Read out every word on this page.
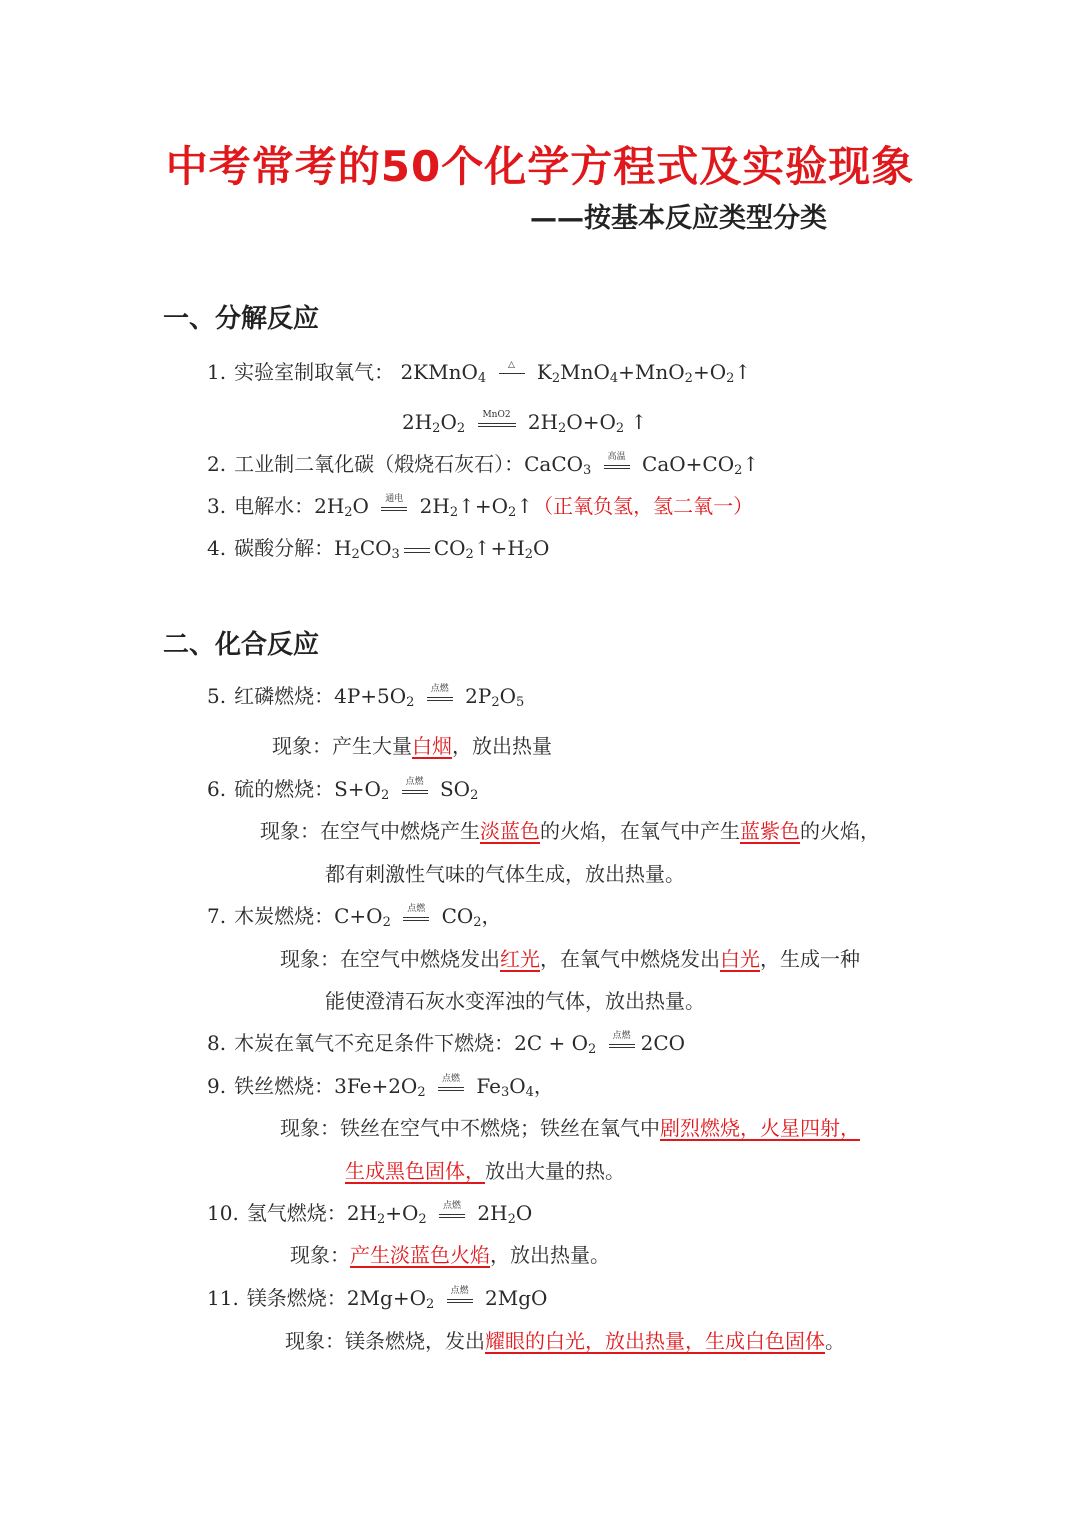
中考常考的50个化学方程式及实验现象
——按基本反应类型分类
一、分解反应
1. 实验室制取氧气： 2KMnO$_4$
△	$K_2MnO_4+MnO_2+O_2↑$
$2H_2O_2$
MnO2 $2H_2O+O_2$ ↑
2. 工业制二氧化碳（煅烧石灰石）：CaCO$_3$
高温 $CaO+CO_2↑$
3. 电解水：$2H_2O$	通电 $2H_2↑+O_2↑$（正氧负氢，氢二氧一）
4. 碳酸分解：$H_2CO_3$ $CO_2↑+H_2O$
二、化合反应
5. 红磷燃烧：$4P+5O_2$
点燃 $2P_2O_5$
现象：产生大量白烟，放出热量
6. 硫的燃烧：$S+O_2$
点燃 $SO_2$
现象：在空气中燃烧产生淡蓝色的火焰，在氧气中产生蓝紫色的火焰，
都有刺激性气味的气体生成，放出热量。
7. 木炭燃烧：$C+O_2$
点燃 $CO_2$，
现象：在空气中燃烧发出红光，在氧气中燃烧发出白光，生成一种
能使澄清石灰水变浑浊的气体，放出热量。
8. 木炭在氧气不充足条件下燃烧：$2C + O_2$
点燃 2CO
9. 铁丝燃烧：$3Fe+2O_2$
点燃 $Fe_3O_4$，
现象：铁丝在空气中不燃烧；铁丝在氧气中剧烈燃烧，火星四射，
生成黑色固体，放出大量的热。
10. 氢气燃烧：$2H_2+O_2$
点燃 $2H_2O$
现象：产生淡蓝色火焰，放出热量。
11. 镁条燃烧：$2Mg+O_2$
点燃 2MgO
现象：镁条燃烧，发出耀眼的白光，放出热量，生成白色固体。
